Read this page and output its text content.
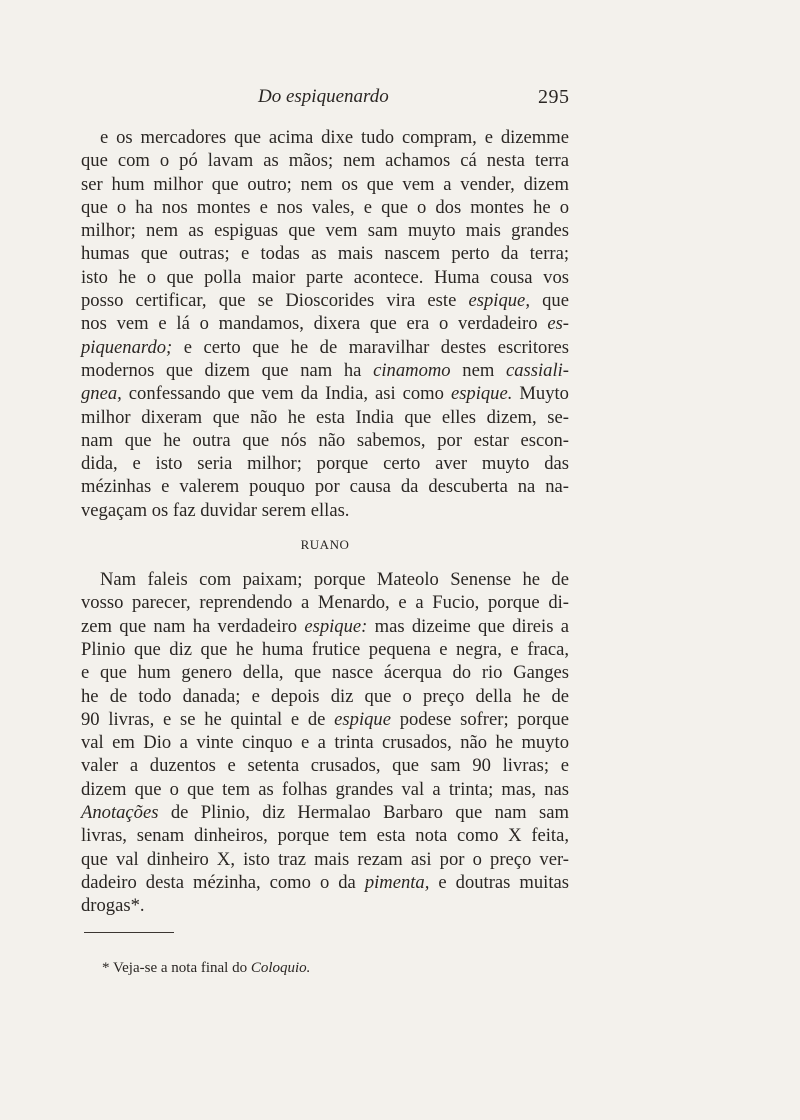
Do espiquenardo	295
e os mercadores que acima dixe tudo compram, e dizemme
que com o pó lavam as mãos; nem achamos cá nesta terra
ser hum milhor que outro; nem os que vem a vender, dizem
que o ha nos montes e nos vales, e que o dos montes he o
milhor; nem as espiguas que vem sam muyto mais grandes
humas que outras; e todas as mais nascem perto da terra;
isto he o que polla maior parte acontece. Huma cousa vos
posso certificar, que se Dioscorides vira este espique, que
nos vem e lá o mandamos, dixera que era o verdadeiro es-
piquenardo; e certo que he de maravilhar destes escritores
modernos que dizem que nam ha cinamomo nem cassiali-
gnea, confessando que vem da India, asi como espique. Muyto
milhor dixeram que não he esta India que elles dizem, se-
nam que he outra que nós não sabemos, por estar escon-
dida, e isto seria milhor; porque certo aver muyto das
mézinhas e valerem pouquo por causa da descuberta na na-
vegaçam os faz duvidar serem ellas.
RUANO
Nam faleis com paixam; porque Mateolo Senense he de
vosso parecer, reprendendo a Menardo, e a Fucio, porque di-
zem que nam ha verdadeiro espique: mas dizeime que direis a
Plinio que diz que he huma frutice pequena e negra, e fraca,
e que hum genero della, que nasce ácerqua do rio Ganges
he de todo danada; e depois diz que o preço della he de
90 livras, e se he quintal e de espique podese sofrer; porque
val em Dio a vinte cinquo e a trinta crusados, não he muyto
valer a duzentos e setenta crusados, que sam 90 livras; e
dizem que o que tem as folhas grandes val a trinta; mas, nas
Anotações de Plinio, diz Hermalao Barbaro que nam sam
livras, senam dinheiros, porque tem esta nota como X feita,
que val dinheiro X, isto traz mais rezam asi por o preço ver-
dadeiro desta mézinha, como o da pimenta, e doutras muitas
drogas*.
* Veja-se a nota final do Coloquio.
